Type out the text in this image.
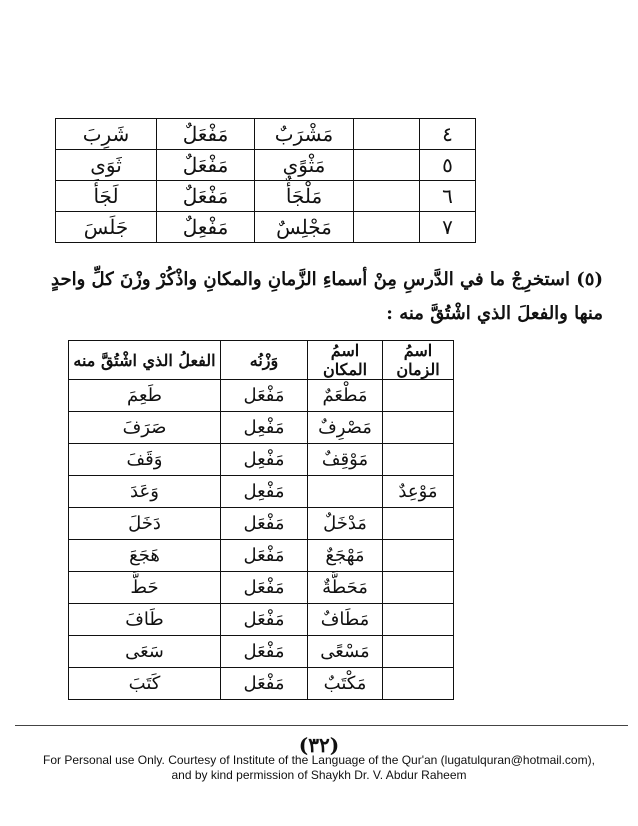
٤		مَشْرَبٌ	مَفْعَلٌ	شَرِبَ
٥		مَثْوًى	مَفْعَلٌ	ثَوَى
٦		مَلْجَأٌ	مَفْعَلٌ	لَجَأَ
٧		مَجْلِسٌ	مَفْعِلٌ	جَلَسَ
(٥) استخرِجْ ما في الدَّرسِ مِنْ أسماءِ الزَّمانِ والمكانِ واذْكُرْ وزْنَ كلِّ واحدٍ
منها والفعلَ الذي اشْتُقَّ منه :
اسمُ الزمان	اسمُ المكان	وَزْنُه	الفعلُ الذي اشْتُقَّ منه
	مَطْعَمٌ	مَفْعَل	طَعِمَ
	مَصْرِفٌ	مَفْعِل	صَرَفَ
	مَوْقِفٌ	مَفْعِل	وَقَفَ
مَوْعِدٌ		مَفْعِل	وَعَدَ
	مَدْخَلٌ	مَفْعَل	دَخَلَ
	مَهْجَعٌ	مَفْعَل	هَجَعَ
	مَحَطَّةٌ	مَفْعَل	حَطَّ
	مَطَافٌ	مَفْعَل	طَافَ
	مَسْعًى	مَفْعَل	سَعَى
	مَكْتَبٌ	مَفْعَل	كَتَبَ
(٣٢)
For Personal use Only. Courtesy of Institute of the Language of the Qur'an (lugatulquran@hotmail.com),
and by kind permission of Shaykh Dr. V. Abdur Raheem
